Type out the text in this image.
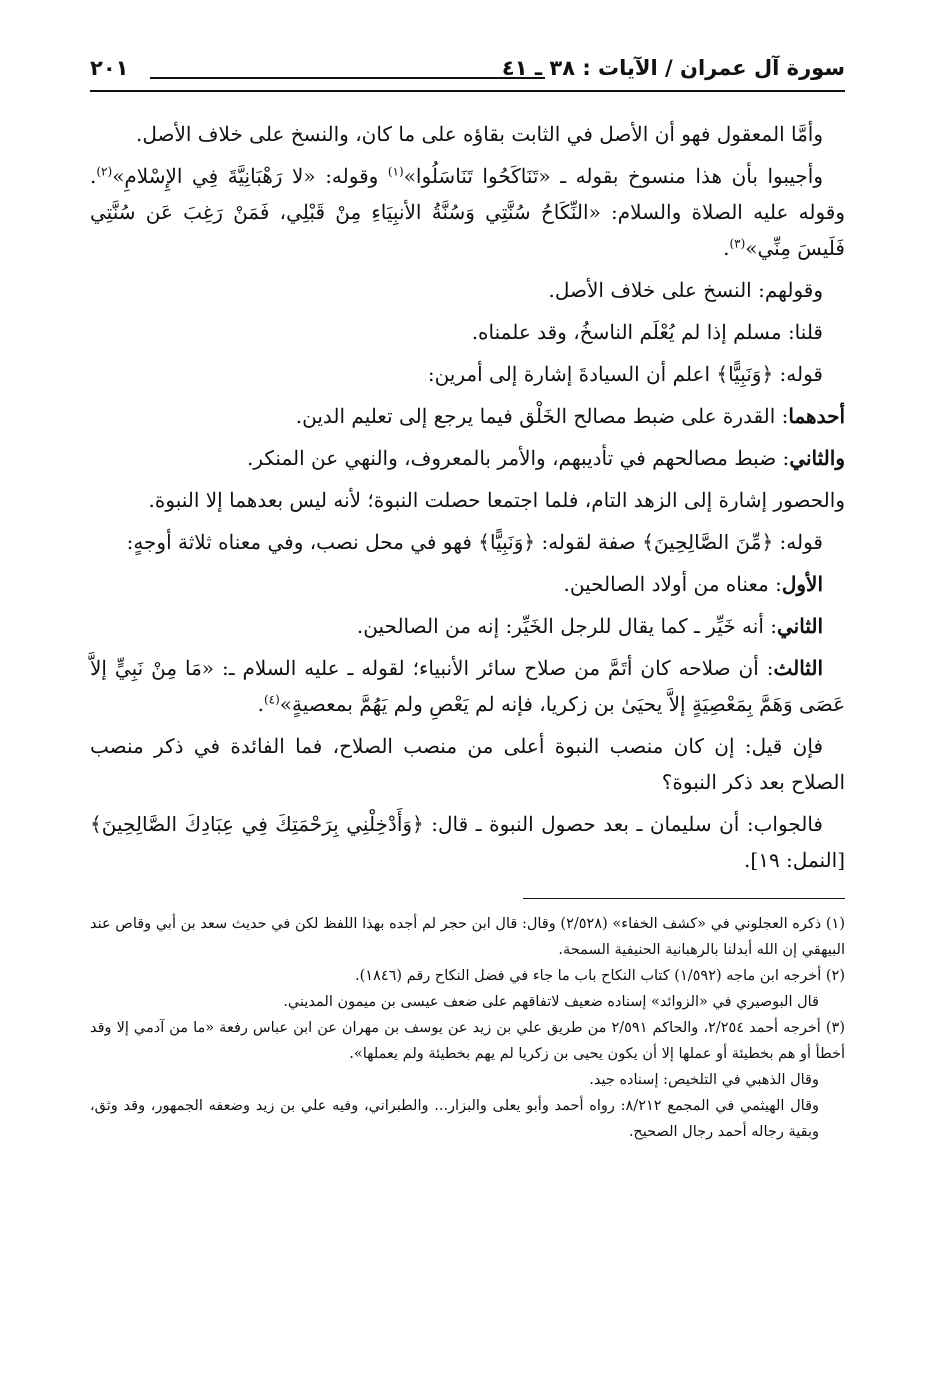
سورة آل عمران / الآيات : ٣٨ ـ ٤١
٢٠١

وأمَّا المعقول فهو أن الأصل في الثابت بقاؤه على ما كان، والنسخ على خلاف الأصل.

وأجيبوا بأن هذا منسوخ بقوله ـ «تَنَاكَحُوا تَنَاسَلُوا»$^{(١)}$ وقوله: «لا رَهْبَانِيَّةَ فِي الإِسْلامِ»$^{(٢)}$. وقوله عليه الصلاة والسلام: «النِّكَاحُ سُنَّتِي وَسُنَّةُ الأنبِيَاءِ مِنْ قَبْلِي، فَمَنْ رَغِبَ عَن سُنَّتِي فَلَيسَ مِنِّي»$^{(٣)}$.

وقولهم: النسخ على خلاف الأصل.

قلنا: مسلم إذا لم يُعْلَم الناسخُ، وقد علمناه.

قوله: ﴿وَنَبِيًّا﴾ اعلم أن السيادةَ إشارة إلى أمرين:

أحدهما: القدرة على ضبط مصالح الخَلْق فيما يرجع إلى تعليم الدين.

والثاني: ضبط مصالحهم في تأديبهم، والأمر بالمعروف، والنهي عن المنكر.

والحصور إشارة إلى الزهد التام، فلما اجتمعا حصلت النبوة؛ لأنه ليس بعدهما إلا النبوة.

قوله: ﴿مِّنَ الصَّالِحِينَ﴾ صفة لقوله: ﴿وَنَبِيًّا﴾ فهو في محل نصب، وفي معناه ثلاثة أوجهٍ:

الأول: معناه من أولاد الصالحين.

الثاني: أنه خَيِّر ـ كما يقال للرجل الخَيِّر: إنه من الصالحين.

الثالث: أن صلاحه كان أتَمَّ من صلاح سائر الأنبياء؛ لقوله ـ عليه السلام ـ: «مَا مِنْ نَبِيٍّ إلاَّ عَصَى وَهَمَّ بِمَعْصِيَةٍ إلاَّ يحيَىٰ بن زكريا، فإنه لم يَعْصِ ولم يَهُمَّ بمعصيةٍ»$^{(٤)}$.

فإن قيل: إن كان منصب النبوة أعلى من منصب الصلاح، فما الفائدة في ذكر منصب الصلاح بعد ذكر النبوة؟

فالجواب: أن سليمان ـ بعد حصول النبوة ـ قال: ﴿وَأَدْخِلْنِي بِرَحْمَتِكَ فِي عِبَادِكَ الصَّالِحِينَ﴾ [النمل: ١٩].

(١) ذكره العجلوني في «كشف الخفاء» (٢/٥٢٨) وقال: قال ابن حجر لم أجده بهذا اللفظ لكن في حديث سعد بن أبي وقاص عند البيهقي إن الله أبدلنا بالرهبانية الحنيفية السمحة.

(٢) أخرجه ابن ماجه (١/٥٩٢) كتاب النكاح باب ما جاء في فضل النكاح رقم (١٨٤٦).

قال البوصيري في «الزوائد» إسناده ضعيف لاتفاقهم على ضعف عيسى بن ميمون المديني.

(٣) أخرجه أحمد ٢/٢٥٤، والحاكم ٢/٥٩١ من طريق علي بن زيد عن يوسف بن مهران عن ابن عباس رفعة «ما من آدمي إلا وقد أخطأ أو هم بخطيئة أو عملها إلا أن يكون يحيى بن زكريا لم يهم بخطيئة ولم يعملها».

وقال الذهبي في التلخيص: إسناده جيد.

وقال الهيثمي في المجمع ٨/٢١٢: رواه أحمد وأبو يعلى والبزار... والطبراني، وفيه علي بن زيد وضعفه الجمهور، وقد وثق، وبقية رجاله أحمد رجال الصحيح.
